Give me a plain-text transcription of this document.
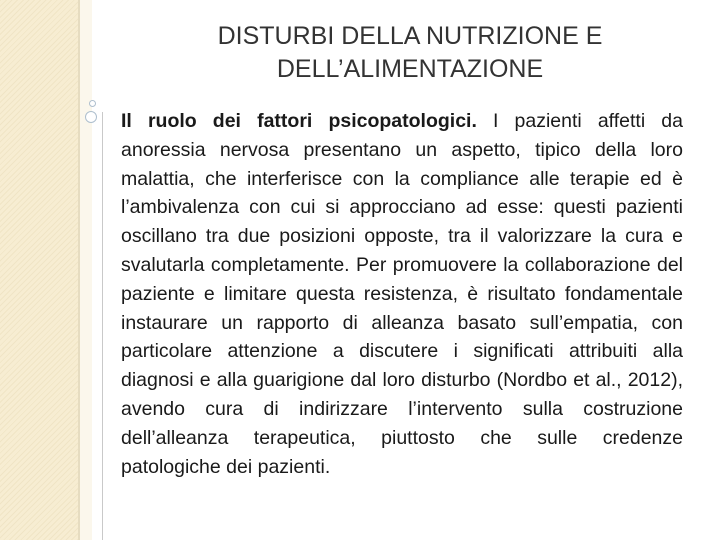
DISTURBI DELLA NUTRIZIONE E
DELL’ALIMENTAZIONE

Il ruolo dei fattori psicopatologici. I pazienti affetti da anoressia nervosa presentano un aspetto, tipico della loro malattia, che interferisce con la compliance alle terapie ed è l’ambivalenza con cui si approcciano ad esse: questi pazienti oscillano tra due posizioni opposte, tra il valorizzare la cura e svalutarla completamente. Per promuovere la collaborazione del paziente e limitare questa resistenza, è risultato fondamentale instaurare un rapporto di alleanza basato sull’empatia, con particolare attenzione a discutere i significati attribuiti alla diagnosi e alla guarigione dal loro disturbo (Nordbo et al., 2012), avendo cura di indirizzare l’intervento sulla costruzione dell’alleanza terapeutica, piuttosto che sulle credenze patologiche dei pazienti.
